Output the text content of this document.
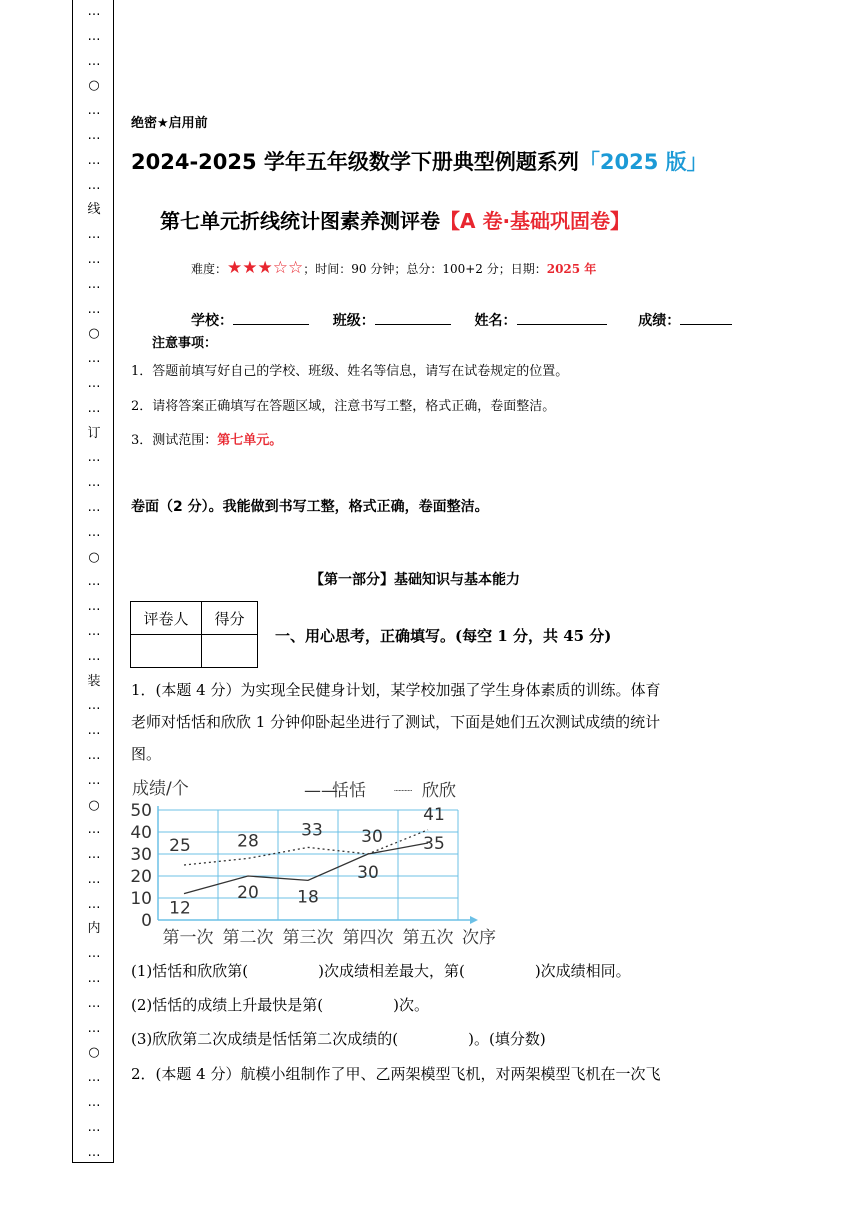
…
…
…
○
…
…
…
…
线
…
…
…
…
○
…
…
…
订
…
…
…
…
○
…
…
…
…
装
…
…
…
…
○
…
…
…
…
内
…
…
…
…
○
…
…
…
…
绝密★启用前
2024-2025 学年五年级数学下册典型例题系列「2025 版」
第七单元折线统计图素养测评卷【A 卷·基础巩固卷】
难度：★★★☆☆；时间：90 分钟；总分：100+2 分；日期：2025 年
学校：	班级：	姓名：	成绩：
注意事项：
1．答题前填写好自己的学校、班级、姓名等信息，请写在试卷规定的位置。
2．请将答案正确填写在答题区域，注意书写工整，格式正确，卷面整洁。
3．测试范围：第七单元。
卷面（2 分）。我能做到书写工整，格式正确，卷面整洁。
【第一部分】基础知识与基本能力
评卷人	得分

一、用心思考，正确填写。(每空 1 分，共 45 分)
1．(本题 4 分）为实现全民健身计划，某学校加强了学生身体素质的训练。体育
老师对恬恬和欣欣 1 分钟仰卧起坐进行了测试，下面是她们五次测试成绩的统计
图。
0
10
20
30
40
50
第一次 第二次 第三次 第四次 第五次 次序
12
20 18
30
35
25	28
33 30
41
成绩/个	——
恬恬	┈┈┈ 欣欣
(1)恬恬和欣欣第(	)次成绩相差最大，第(	)次成绩相同。
(2)恬恬的成绩上升最快是第(	)次。
(3)欣欣第二次成绩是恬恬第二次成绩的(	)。(填分数)
2．(本题 4 分）航模小组制作了甲、乙两架模型飞机，对两架模型飞机在一次飞
